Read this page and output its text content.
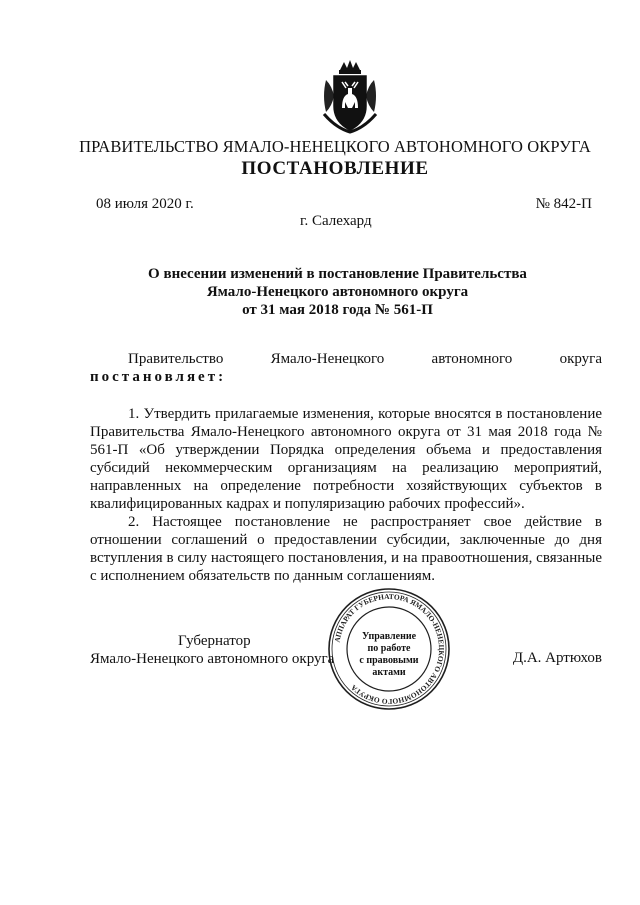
ПРАВИТЕЛЬСТВО ЯМАЛО-НЕНЕЦКОГО АВТОНОМНОГО ОКРУГА
ПОСТАНОВЛЕНИЕ
08 июля 2020 г.	№ 842-П
г. Салехард
О внесении изменений в постановление Правительства
Ямало-Ненецкого автономного округа
от 31 мая 2018 года № 561-П
Правительство	Ямало-Ненецкого	автономного	округа
постановляет:

1. Утвердить прилагаемые изменения, которые вносятся в постановление Правительства Ямало-Ненецкого автономного округа от 31 мая 2018 года № 561-П «Об утверждении Порядка определения объема и предоставления субсидий некоммерческим организациям на реализацию мероприятий, направленных на определение потребности хозяйствующих субъектов в квалифицированных кадрах и популяризацию рабочих профессий».

2. Настоящее постановление не распространяет свое действие в отношении соглашений о предоставлении субсидии, заключенные до дня вступления в силу настоящего постановления, и на правоотношения, связанные с исполнением обязательств по данным соглашениям.

Губернатор
Ямало-Ненецкого автономного округа	Д.А. Артюхов
АППАРАТ ГУБЕРНАТОРА ЯМАЛО-НЕНЕЦКОГО АВТОНОМНОГО ОКРУГА
Управление
по работе
с правовыми
актами
